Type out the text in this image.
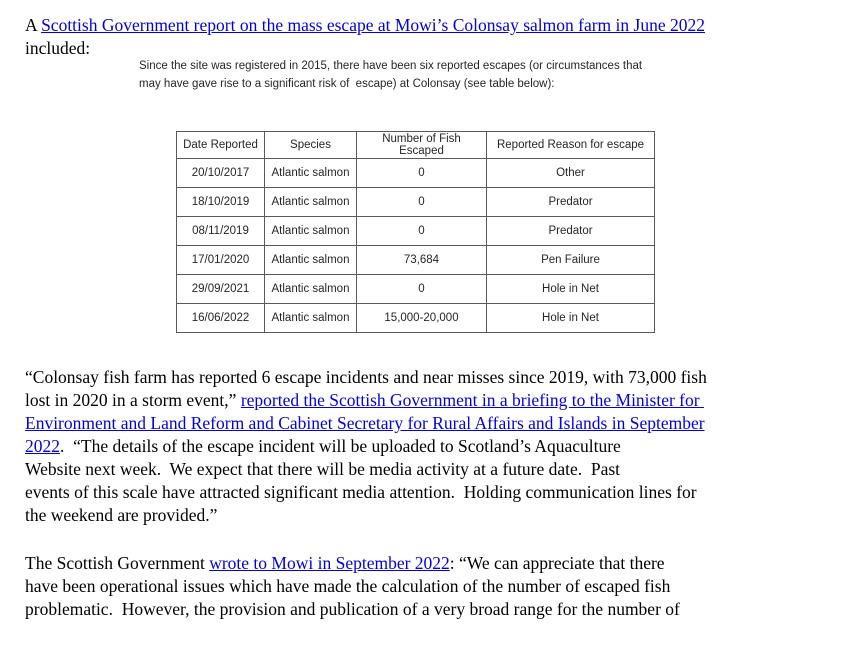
A Scottish Government report on the mass escape at Mowi’s Colonsay salmon farm in June 2022
included:
Since the site was registered in 2015, there have been six reported escapes (or circumstances that
may have gave rise to a significant risk of  escape) at Colonsay (see table below):
Date Reported	Species	Number of Fish Escaped	Reported Reason for escape
20/10/2017	Atlantic salmon	0	Other
18/10/2019	Atlantic salmon	0	Predator
08/11/2019	Atlantic salmon	0	Predator
17/01/2020	Atlantic salmon	73,684	Pen Failure
29/09/2021	Atlantic salmon	0	Hole in Net
16/06/2022	Atlantic salmon	15,000-20,000	Hole in Net
“Colonsay fish farm has reported 6 escape incidents and near misses since 2019, with 73,000 fish
lost in 2020 in a storm event,” reported the Scottish Government in a briefing to the Minister for
Environment and Land Reform and Cabinet Secretary for Rural Affairs and Islands in September
2022.  “The details of the escape incident will be uploaded to Scotland’s Aquaculture
Website next week.  We expect that there will be media activity at a future date.  Past
events of this scale have attracted significant media attention.  Holding communication lines for
the weekend are provided.”
The Scottish Government wrote to Mowi in September 2022: “We can appreciate that there
have been operational issues which have made the calculation of the number of escaped fish
problematic.  However, the provision and publication of a very broad range for the number of
